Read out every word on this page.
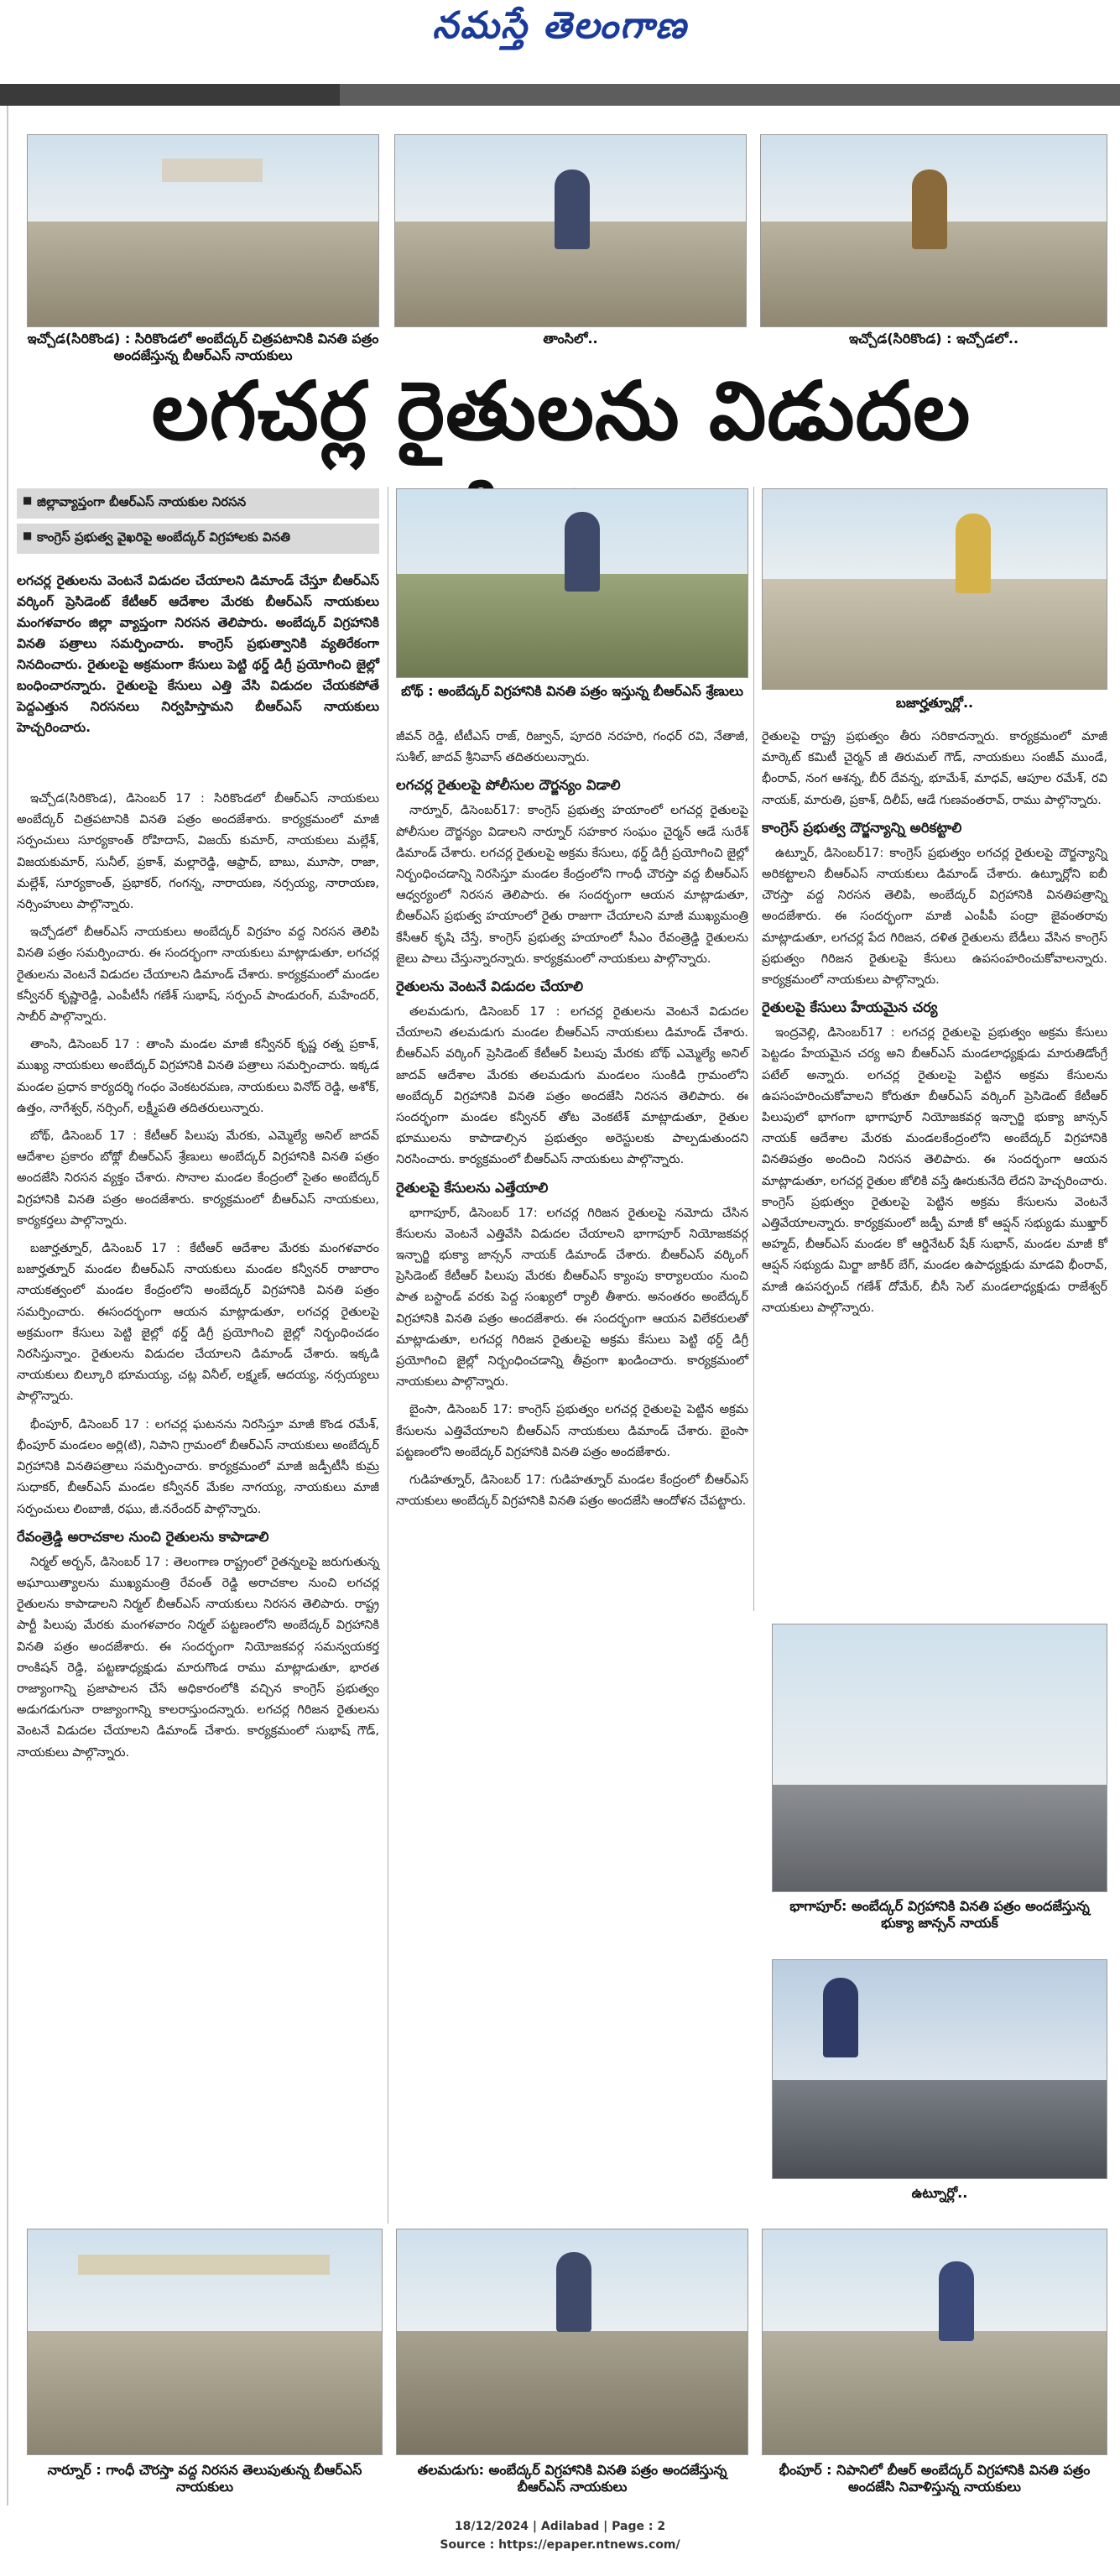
నమస్తే తెలంగాణ
ఇచ్చోడ(సిరికొండ) : సిరికొండలో అంబేద్కర్ చిత్రపటానికి వినతి పత్రం అందజేస్తున్న బీఆర్ఎస్ నాయకులు
తాంసిలో..	ఇచ్చోడ(సిరికొండ) : ఇచ్చోడలో..
లగచర్ల రైతులను విడుదల
■ జిల్లావ్యాప్తంగా బీఆర్ఎస్ నాయకుల నిరసన
■ కాంగ్రెస్ ప్రభుత్వ వైఖరిపై అంబేద్కర్ విగ్రహాలకు వినతి
లగచర్ల రైతులను వెంటనే విడుదల చేయాలని డిమాండ్ చేస్తూ బీఆర్ఎస్ వర్కింగ్ ప్రెసిడెంట్ కేటీఆర్ ఆదేశాల మేరకు బీఆర్ఎస్ నాయకులు మంగళవారం జిల్లా వ్యాప్తంగా నిరసన తెలిపారు. అంబేద్కర్ విగ్రహానికి వినతి పత్రాలు సమర్పించారు. కాంగ్రెస్ ప్రభుత్వానికి వ్యతిరేకంగా నినదించారు. రైతులపై అక్రమంగా కేసులు పెట్టి థర్డ్ డిగ్రీ ప్రయోగించి జైల్లో బంధించారన్నారు. రైతులపై కేసులు ఎత్తి వేసి విడుదల చేయకపోతే పెద్దఎత్తున నిరసనలు నిర్వహిస్తామని బీఆర్ఎస్ నాయకులు హెచ్చరించారు.

ఇచ్చోడ(సిరికొండ), డిసెంబర్ 17 : సిరికొండలో బీఆర్ఎస్ నాయకులు అంబేద్కర్ చిత్రపటానికి వినతి పత్రం అందజేశారు. కార్యక్రమంలో మాజీ సర్పంచులు సూర్యకాంత్ రోహిదాస్, విజయ్ కుమార్, నాయకులు మల్లేశ్, విజయకుమార్, సునీల్, ప్రకాశ్, మల్లారెడ్డి, ఆఫ్రాద్, బాబు, మూసా, రాజా, మల్లేశ్, సూర్యకాంత్, ప్రభాకర్, గంగన్న, నారాయణ, నర్సయ్య, నారాయణ, నర్సింహులు పాల్గొన్నారు.

ఇచ్చోడలో బీఆర్ఎస్ నాయకులు అంబేద్కర్ విగ్రహం వద్ద నిరసన తెలిపి వినతి పత్రం సమర్పించారు. ఈ సందర్భంగా నాయకులు మాట్లాడుతూ, లగచర్ల రైతులను వెంటనే విడుదల చేయాలని డిమాండ్ చేశారు. కార్యక్రమంలో మండల కన్వీనర్ కృష్ణారెడ్డి, ఎంపీటీసీ గణేశ్ సుభాష్, సర్పంచ్ పాండురంగ్, మహేందర్, సాబీర్ పాల్గొన్నారు.

తాంసి, డిసెంబర్ 17 : తాంసి మండల మాజీ కన్వీనర్ కృష్ణ రత్న ప్రకాశ్, ముఖ్య నాయకులు అంబేద్కర్ విగ్రహానికి వినతి పత్రాలు సమర్పించారు. ఇక్కడ మండల ప్రధాన కార్యదర్శి గంధం వెంకటరమణ, నాయకులు వినోద్ రెడ్డి, అశోక్, ఉత్తం, నాగేశ్వర్, నర్సింగ్, లక్ష్మీపతి తదితరులున్నారు.

బోథ్, డిసెంబర్ 17 : కేటీఆర్ పిలుపు మేరకు, ఎమ్మెల్యే అనిల్ జాదవ్ ఆదేశాల ప్రకారం బోథ్లో బీఆర్ఎస్ శ్రేణులు అంబేద్కర్ విగ్రహానికి వినతి పత్రం అందజేసి నిరసన వ్యక్తం చేశారు. సొనాల మండల కేంద్రంలో సైతం అంబేద్కర్ విగ్రహానికి వినతి పత్రం అందజేశారు. కార్యక్రమంలో బీఆర్ఎస్ నాయకులు, కార్యకర్తలు పాల్గొన్నారు.

బజార్హత్నూర్, డిసెంబర్ 17 : కేటీఆర్ ఆదేశాల మేరకు మంగళవారం బజార్హత్నూర్ మండల బీఆర్ఎస్ నాయకులు మండల కన్వీనర్ రాజారాం నాయకత్వంలో మండల కేంద్రంలోని అంబేద్కర్ విగ్రహానికి వినతి పత్రం సమర్పించారు. ఈసందర్భంగా ఆయన మాట్లాడుతూ, లగచర్ల రైతులపై అక్రమంగా కేసులు పెట్టి జైల్లో థర్డ్ డిగ్రీ ప్రయోగించి జైల్లో నిర్బంధించడం నిరసిస్తున్నాం. రైతులను విడుదల చేయాలని డిమాండ్ చేశారు. ఇక్కడి నాయకులు బిల్కూరి భూమయ్య, చట్ల వినీల్, లక్ష్మణ్, ఆదయ్య, నర్సయ్యలు పాల్గొన్నారు.

భీంపూర్, డిసెంబర్ 17 : లగచర్ల ఘటనను నిరసిస్తూ మాజీ కొండ రమేశ్, భీంపూర్ మండలం అర్లి(టి), నిపాని గ్రామంలో బీఆర్ఎస్ నాయకులు అంబేద్కర్ విగ్రహానికి వినతిపత్రాలు సమర్పించారు. కార్యక్రమంలో మాజీ జడ్పీటీసీ కుమ్ర సుధాకర్, బీఆర్ఎస్ మండల కన్వీనర్ మేకల నాగయ్య, నాయకులు మాజీ సర్పంచులు లింబాజీ, రఘు, జీ.నరేందర్ పాల్గొన్నారు.

రేవంత్రెడ్డి అరాచకాల నుంచి రైతులను కాపాడాలి

నిర్మల్ అర్బన్, డిసెంబర్ 17 : తెలంగాణ రాష్ట్రంలో రైతన్నలపై జరుగుతున్న అఘాయిత్యాలను ముఖ్యమంత్రి రేవంత్ రెడ్డి అరాచకాల నుంచి లగచర్ల రైతులను కాపాడాలని నిర్మల్ బీఆర్ఎస్ నాయకులు నిరసన తెలిపారు. రాష్ట్ర పార్టీ పిలుపు మేరకు మంగళవారం నిర్మల్ పట్టణంలోని అంబేద్కర్ విగ్రహానికి వినతి పత్రం అందజేశారు. ఈ సందర్భంగా నియోజకవర్గ సమన్వయకర్త రాంకిషన్ రెడ్డి, పట్టణాధ్యక్షుడు మారుగొండ రాము మాట్లాడుతూ, భారత రాజ్యాంగాన్ని ప్రజాపాలన చేసే అధికారంలోకి వచ్చిన కాంగ్రెస్ ప్రభుత్వం అడుగడుగునా రాజ్యాంగాన్ని కాలరాస్తుందన్నారు. లగచర్ల గిరిజన రైతులను వెంటనే విడుదల చేయాలని డిమాండ్ చేశారు. కార్యక్రమంలో సుభాష్ గౌడ్, నాయకులు పాల్గొన్నారు.

బోథ్ : అంబేద్కర్ విగ్రహానికి వినతి పత్రం ఇస్తున్న బీఆర్ఎస్ శ్రేణులు
బజార్హత్నూర్లో..

జీవన్ రెడ్డి, టీటీఎస్ రాజ్, రిజ్వాన్, పూదరి నరహరి, గంధర్ రవి, నేతాజీ, సుశీల్, జాదవ్ శ్రీనివాస్ తదితరులున్నారు.

లగచర్ల రైతులపై పోలీసుల దౌర్జన్యం విడాలి

నార్నూర్, డిసెంబర్17: కాంగ్రెస్ ప్రభుత్వ హయాంలో లగచర్ల రైతులపై పోలీసుల దౌర్జన్యం విడాలని నార్నూర్ సహకార సంఘం చైర్మన్ ఆడే సురేశ్ డిమాండ్ చేశారు. లగచర్ల రైతులపై అక్రమ కేసులు, థర్డ్ డిగ్రీ ప్రయోగించి జైల్లో నిర్బంధించడాన్ని నిరసిస్తూ మండల కేంద్రంలోని గాంధీ చౌరస్తా వద్ద బీఆర్ఎస్ ఆధ్వర్యంలో నిరసన తెలిపారు. ఈ సందర్భంగా ఆయన మాట్లాడుతూ, బీఆర్ఎస్ ప్రభుత్వ హయాంలో రైతు రాజుగా చేయాలని మాజీ ముఖ్యమంత్రి కేసీఆర్ కృషి చేస్తే, కాంగ్రెస్ ప్రభుత్వ హయాంలో సీఎం రేవంత్రెడ్డి రైతులను జైలు పాలు చేస్తున్నారన్నారు. కార్యక్రమంలో నాయకులు పాల్గొన్నారు.

రైతులను వెంటనే విడుదల చేయాలి

తలమడుగు, డిసెంబర్ 17 : లగచర్ల రైతులను వెంటనే విడుదల చేయాలని తలమడుగు మండల బీఆర్ఎస్ నాయకులు డిమాండ్ చేశారు. బీఆర్ఎస్ వర్కింగ్ ప్రెసిడెంట్ కేటీఆర్ పిలుపు మేరకు బోథ్ ఎమ్మెల్యే అనిల్ జాదవ్ ఆదేశాల మేరకు తలమడుగు మండలం సుంకిడి గ్రామంలోని అంబేద్కర్ విగ్రహానికి వినతి పత్రం అందజేసి నిరసన తెలిపారు. ఈ సందర్భంగా మండల కన్వీనర్ తోట వెంకటేశ్ మాట్లాడుతూ, రైతుల భూములను కాపాడాల్సిన ప్రభుత్వం అరెస్టులకు పాల్పడుతుందని నిరసించారు. కార్యక్రమంలో బీఆర్ఎస్ నాయకులు పాల్గొన్నారు.

రైతులపై కేసులను ఎత్తేయాలి

భాగాపూర్, డిసెంబర్ 17: లగచర్ల గిరిజన రైతులపై నమోదు చేసిన కేసులను వెంటనే ఎత్తివేసి విడుదల చేయాలని భాగాపూర్ నియోజకవర్గ ఇన్చార్జి భుక్యా జాన్సన్ నాయక్ డిమాండ్ చేశారు. బీఆర్ఎస్ వర్కింగ్ ప్రెసిడెంట్ కేటీఆర్ పిలుపు మేరకు బీఆర్ఎస్ క్యాంపు కార్యాలయం నుంచి పాత బస్టాండ్ వరకు పెద్ద సంఖ్యలో ర్యాలీ తీశారు. అనంతరం అంబేద్కర్ విగ్రహానికి వినతి పత్రం అందజేశారు. ఈ సందర్భంగా ఆయన విలేకరులతో మాట్లాడుతూ, లగచర్ల గిరిజన రైతులపై అక్రమ కేసులు పెట్టి థర్డ్ డిగ్రీ ప్రయోగించి జైల్లో నిర్బంధించడాన్ని తీవ్రంగా ఖండించారు. కార్యక్రమంలో నాయకులు పాల్గొన్నారు.

బైంసా, డిసెంబర్ 17: కాంగ్రెస్ ప్రభుత్వం లగచర్ల రైతులపై పెట్టిన అక్రమ కేసులను ఎత్తివేయాలని బీఆర్ఎస్ నాయకులు డిమాండ్ చేశారు. బైంసా పట్టణంలోని అంబేద్కర్ విగ్రహానికి వినతి పత్రం అందజేశారు.

గుడిహత్నూర్, డిసెంబర్ 17: గుడిహత్నూర్ మండల కేంద్రంలో బీఆర్ఎస్ నాయకులు అంబేద్కర్ విగ్రహానికి వినతి పత్రం అందజేసి ఆందోళన చేపట్టారు.

రైతులపై రాష్ట్ర ప్రభుత్వం తీరు సరికాదన్నారు. కార్యక్రమంలో మాజీ మార్కెట్ కమిటీ చైర్మన్ జీ తిరుమల్ గౌడ్, నాయకులు సంజీవ్ ముండే, భీంరావ్, నంగ ఆశన్న, బీర్ దేవన్న, భూమేశ్, మాధవ్, ఆపూల రమేశ్, రవి నాయక్, మారుతి, ప్రకాశ్, దిలీప్, ఆడే గుణవంతరావ్, రాము పాల్గొన్నారు.

కాంగ్రెస్ ప్రభుత్వ దౌర్జన్యాన్ని అరికట్టాలి

ఉట్నూర్, డిసెంబర్17: కాంగ్రెస్ ప్రభుత్వం లగచర్ల రైతులపై దౌర్జన్యాన్ని అరికట్టాలని బీఆర్ఎస్ నాయకులు డిమాండ్ చేశారు. ఉట్నూర్లోని ఐబీ చౌరస్తా వద్ద నిరసన తెలిపి, అంబేద్కర్ విగ్రహానికి వినతిపత్రాన్ని అందజేశారు. ఈ సందర్భంగా మాజీ ఎంపీపీ పంద్రా జైవంతరావు మాట్లాడుతూ, లగచర్ల పేద గిరిజన, దళిత రైతులను బేడీలు వేసిన కాంగ్రెస్ ప్రభుత్వం గిరిజన రైతులపై కేసులు ఉపసంహరించుకోవాలన్నారు. కార్యక్రమంలో నాయకులు పాల్గొన్నారు.

రైతులపై కేసులు హేయమైన చర్య

ఇంద్రవెల్లి, డిసెంబర్17 : లగచర్ల రైతులపై ప్రభుత్వం అక్రమ కేసులు పెట్టడం హేయమైన చర్య అని బీఆర్ఎస్ మండలాధ్యక్షుడు మారుతిడోంగ్రే పటేల్ అన్నారు. లగచర్ల రైతులపై పెట్టిన అక్రమ కేసులను ఉపసంహరించుకోవాలని కోరుతూ బీఆర్ఎస్ వర్కింగ్ ప్రెసిడెంట్ కేటీఆర్ పిలుపులో భాగంగా భాగాపూర్ నియోజకవర్గ ఇన్చార్జి భుక్యా జాన్సన్ నాయక్ ఆదేశాల మేరకు మండలకేంద్రంలోని అంబేద్కర్ విగ్రహానికి వినతిపత్రం అందించి నిరసన తెలిపారు. ఈ సందర్భంగా ఆయన మాట్లాడుతూ, లగచర్ల రైతుల జోలికి వస్తే ఊరుకునేది లేదని హెచ్చరించారు. కాంగ్రెస్ ప్రభుత్వం రైతులపై పెట్టిన అక్రమ కేసులను వెంటనే ఎత్తివేయాలన్నారు. కార్యక్రమంలో జడ్పీ మాజీ కో ఆప్షన్ సభ్యుడు ముఖ్తార్ అహ్మద్, బీఆర్ఎస్ మండల కో ఆర్డినేటర్ షేక్ సుభాన్, మండల మాజీ కో ఆప్షన్ సభ్యుడు మిర్జా జాకిర్ బేగ్, మండల ఉపాధ్యక్షుడు మాడవి భీంరావ్, మాజీ ఉపసర్పంచ్ గణేశ్ దోమేర్, బీసీ సెల్ మండలాధ్యక్షుడు రాజేశ్వర్ నాయకులు పాల్గొన్నారు.

భాగాపూర్: అంబేద్కర్ విగ్రహానికి వినతి పత్రం అందజేస్తున్న భుక్యా జాన్సన్ నాయక్
ఉట్నూర్లో..
నార్నూర్ : గాంధీ చౌరస్తా వద్ద నిరసన తెలుపుతున్న బీఆర్ఎస్ నాయకులు
తలమడుగు: అంబేద్కర్ విగ్రహానికి వినతి పత్రం అందజేస్తున్న బీఆర్ఎస్ నాయకులు
భీంపూర్ : నిపానిలో బీఆర్ అంబేద్కర్ విగ్రహానికి వినతి పత్రం అందజేసి నివాళిస్తున్న నాయకులు
18/12/2024 | Adilabad | Page : 2
Source : https://epaper.ntnews.com/
